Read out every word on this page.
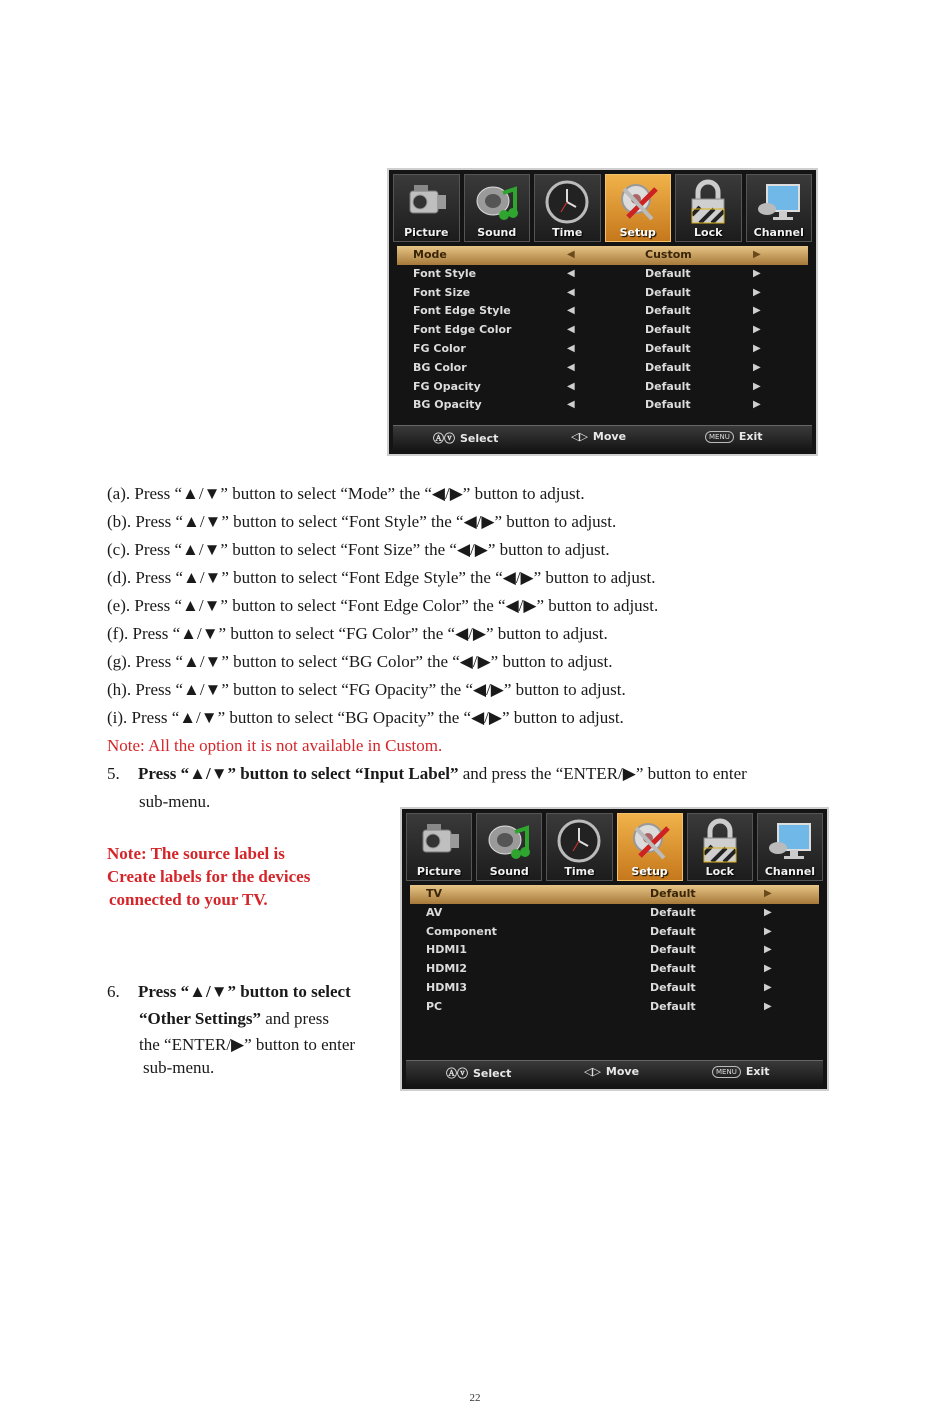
Picture	Sound	Time	Setup	Lock	Channel
Mode	◀	Custom	▶
Font Style	◀	Default	▶
Font Size	◀	Default	▶
Font Edge Style	◀	Default	▶
Font Edge Color	◀	Default	▶
FG Color	◀	Default	▶
BG Color	◀	Default	▶
FG Opacity	◀	Default	▶
BG Opacity	◀	Default	▶
Ⓐⓥ Select	◁▷ Move	MENU Exit
(a). Press “▲/▼” button to select “Mode” the “◀/▶” button to adjust.
(b). Press “▲/▼” button to select “Font Style” the “◀/▶” button to adjust.
(c). Press “▲/▼” button to select “Font Size” the “◀/▶” button to adjust.
(d). Press “▲/▼” button to select “Font Edge Style” the “◀/▶” button to adjust.
(e). Press “▲/▼” button to select “Font Edge Color” the “◀/▶” button to adjust.
(f). Press “▲/▼” button to select “FG Color” the “◀/▶” button to adjust.
(g). Press “▲/▼” button to select “BG Color” the “◀/▶” button to adjust.
(h). Press “▲/▼” button to select “FG Opacity” the “◀/▶” button to adjust.
(i). Press “▲/▼” button to select “BG Opacity” the “◀/▶” button to adjust.
Note: All the option it is not available in Custom.
5. Press “▲/▼” button to select “Input Label” and press the “ENTER/▶” button to enter
sub-menu.
Note: The source label is
Create labels for the devices
connected to your TV.
6. Press “▲/▼” button to select
“Other Settings” and press
the “ENTER/▶” button to enter
sub-menu.
Picture	Sound	Time	Setup	Lock	Channel
TV	Default	▶
AV	Default	▶
Component	Default	▶
HDMI1	Default	▶
HDMI2	Default	▶
HDMI3	Default	▶
PC	Default	▶
Ⓐⓥ Select	◁▷ Move	MENU Exit
22
